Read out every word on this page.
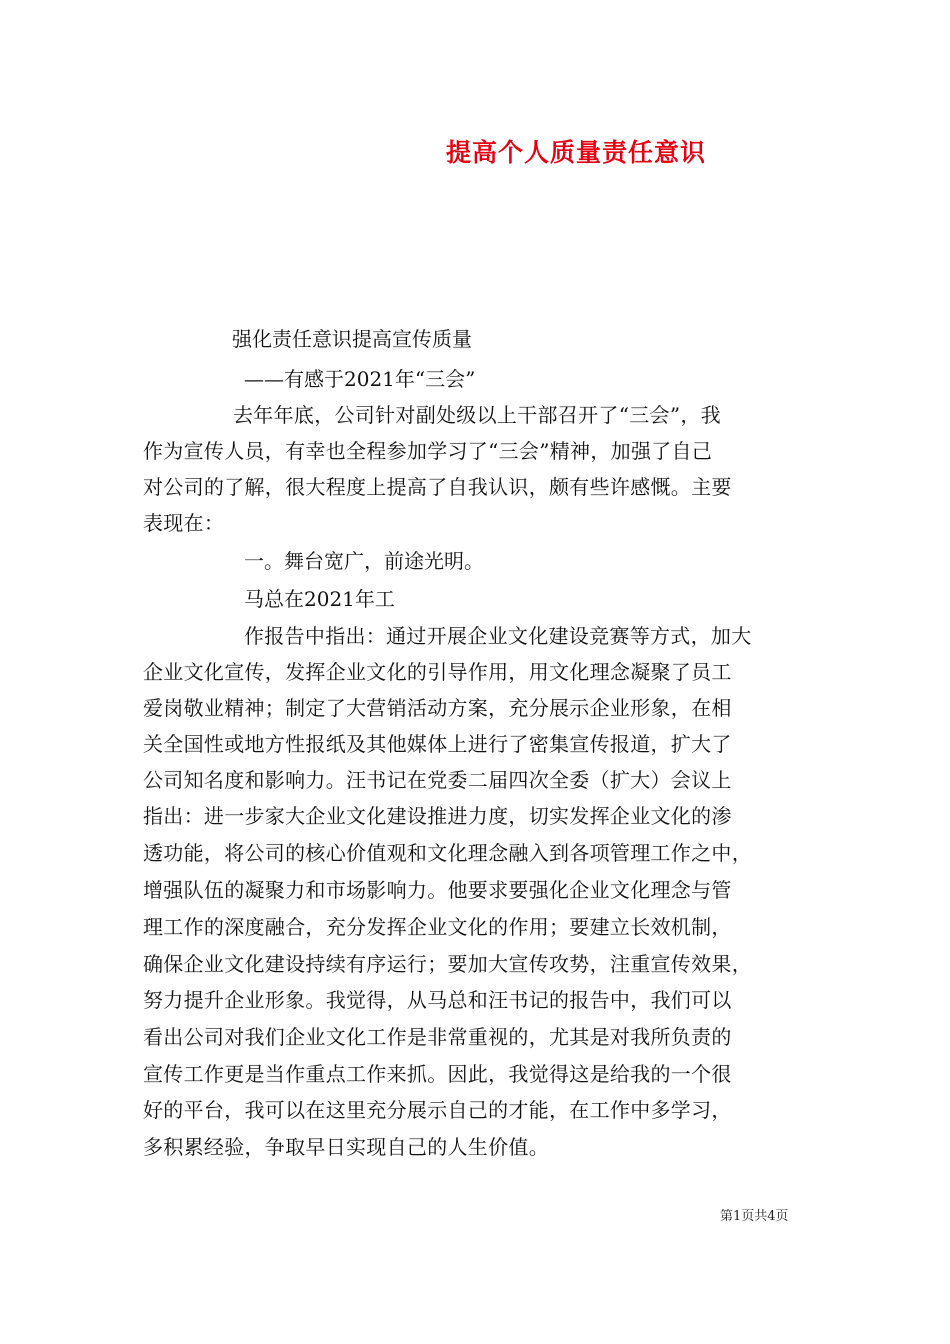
提高个人质量责任意识
强化责任意识提高宣传质量
——有感于2021年“三会”
去年年底，公司针对副处级以上干部召开了“三会”，我
作为宣传人员，有幸也全程参加学习了“三会”精神，加强了自己
对公司的了解，很大程度上提高了自我认识，颇有些许感慨。主要
表现在：
一。舞台宽广，前途光明。
马总在2021年工
作报告中指出：通过开展企业文化建设竞赛等方式，加大
企业文化宣传，发挥企业文化的引导作用，用文化理念凝聚了员工
爱岗敬业精神；制定了大营销活动方案，充分展示企业形象，在相
关全国性或地方性报纸及其他媒体上进行了密集宣传报道，扩大了
公司知名度和影响力。汪书记在党委二届四次全委（扩大）会议上
指出：进一步家大企业文化建设推进力度，切实发挥企业文化的渗
透功能，将公司的核心价值观和文化理念融入到各项管理工作之中，
增强队伍的凝聚力和市场影响力。他要求要强化企业文化理念与管
理工作的深度融合，充分发挥企业文化的作用；要建立长效机制，
确保企业文化建设持续有序运行；要加大宣传攻势，注重宣传效果，
努力提升企业形象。我觉得，从马总和汪书记的报告中，我们可以
看出公司对我们企业文化工作是非常重视的，尤其是对我所负责的
宣传工作更是当作重点工作来抓。因此，我觉得这是给我的一个很
好的平台，我可以在这里充分展示自己的才能，在工作中多学习，
多积累经验，争取早日实现自己的人生价值。
第1页共4页
